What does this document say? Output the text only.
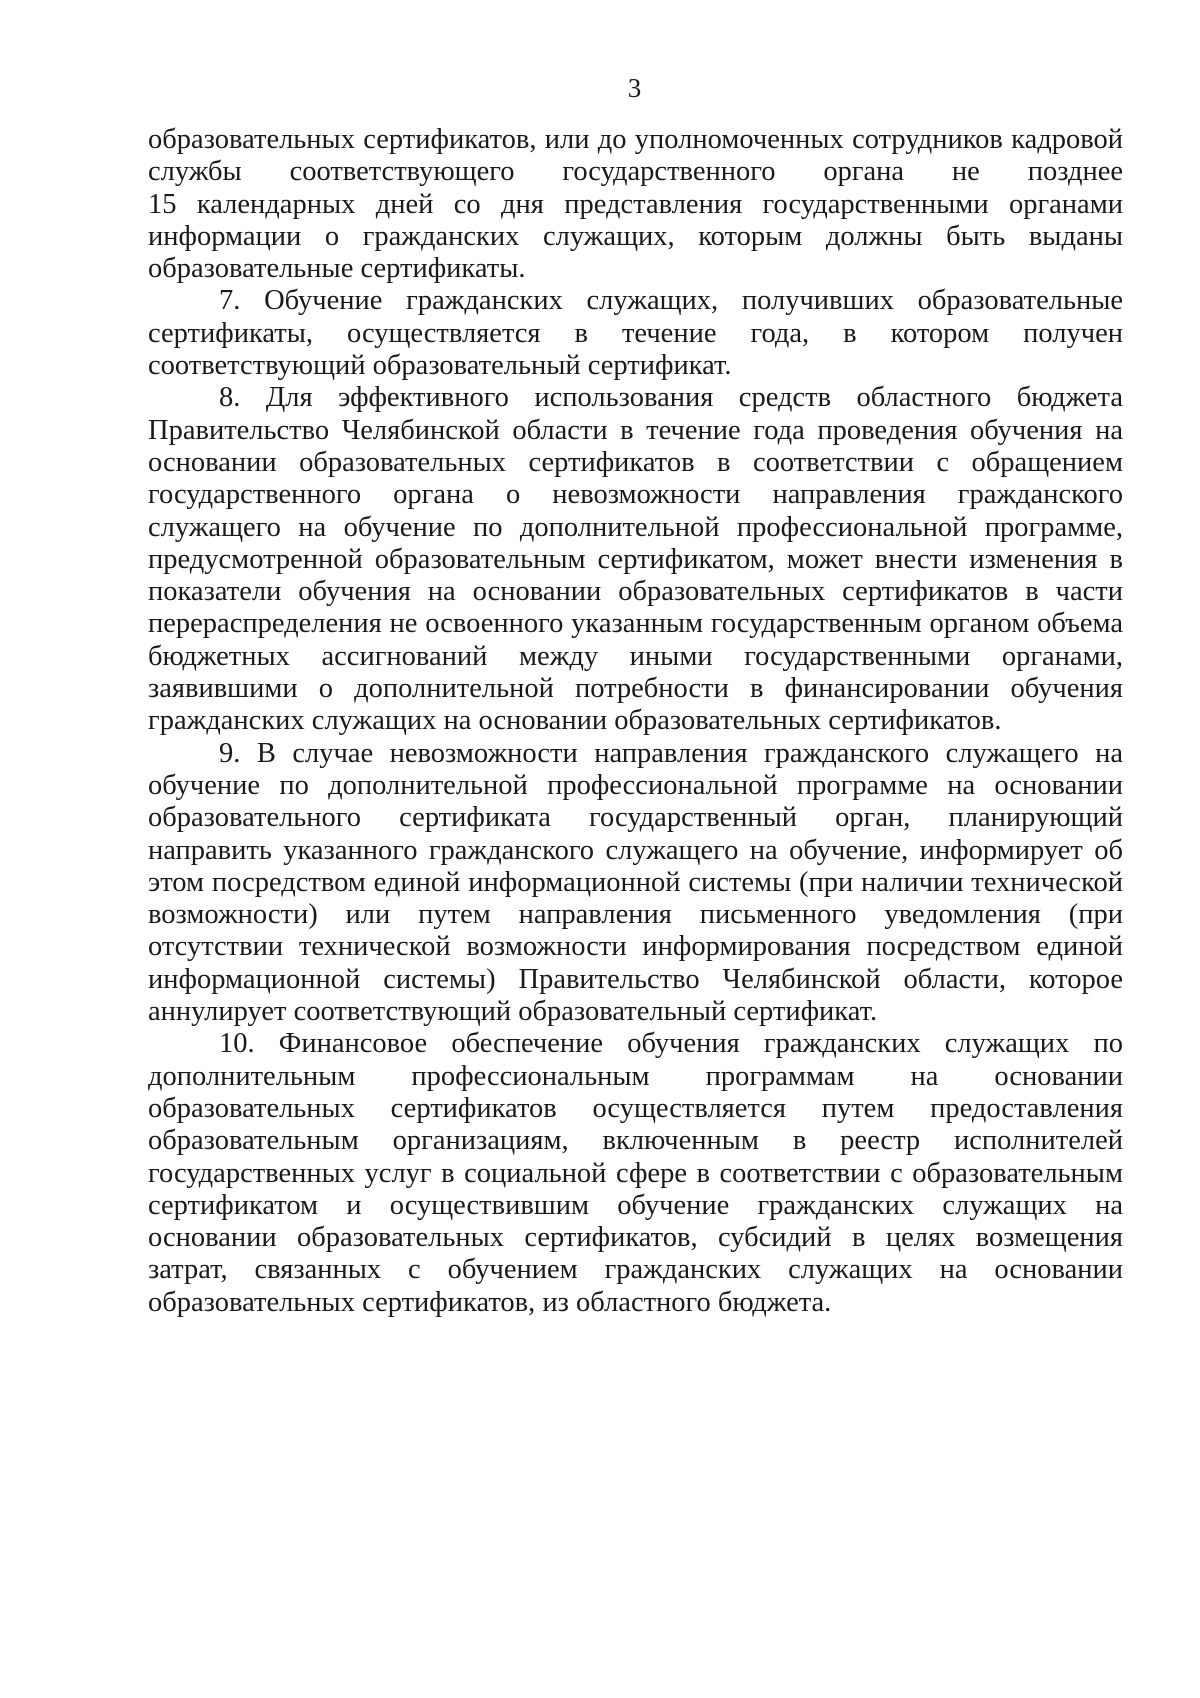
3
образовательных сертификатов, или до уполномоченных сотрудников кадровой
службы соответствующего государственного органа не позднее
15 календарных дней со дня представления государственными органами
информации о гражданских служащих, которым должны быть выданы
образовательные сертификаты.
7. Обучение гражданских служащих, получивших образовательные
сертификаты, осуществляется в течение года, в котором получен
соответствующий образовательный сертификат.
8. Для эффективного использования средств областного бюджета
Правительство Челябинской области в течение года проведения обучения на
основании образовательных сертификатов в соответствии с обращением
государственного органа о невозможности направления гражданского
служащего на обучение по дополнительной профессиональной программе,
предусмотренной образовательным сертификатом, может внести изменения в
показатели обучения на основании образовательных сертификатов в части
перераспределения не освоенного указанным государственным органом объема
бюджетных ассигнований между иными государственными органами,
заявившими о дополнительной потребности в финансировании обучения
гражданских служащих на основании образовательных сертификатов.
9. В случае невозможности направления гражданского служащего на
обучение по дополнительной профессиональной программе на основании
образовательного сертификата государственный орган, планирующий
направить указанного гражданского служащего на обучение, информирует об
этом посредством единой информационной системы (при наличии технической
возможности) или путем направления письменного уведомления (при
отсутствии технической возможности информирования посредством единой
информационной системы) Правительство Челябинской области, которое
аннулирует соответствующий образовательный сертификат.
10. Финансовое обеспечение обучения гражданских служащих по
дополнительным профессиональным программам на основании
образовательных сертификатов осуществляется путем предоставления
образовательным организациям, включенным в реестр исполнителей
государственных услуг в социальной сфере в соответствии с образовательным
сертификатом и осуществившим обучение гражданских служащих на
основании образовательных сертификатов, субсидий в целях возмещения
затрат, связанных с обучением гражданских служащих на основании
образовательных сертификатов, из областного бюджета.
